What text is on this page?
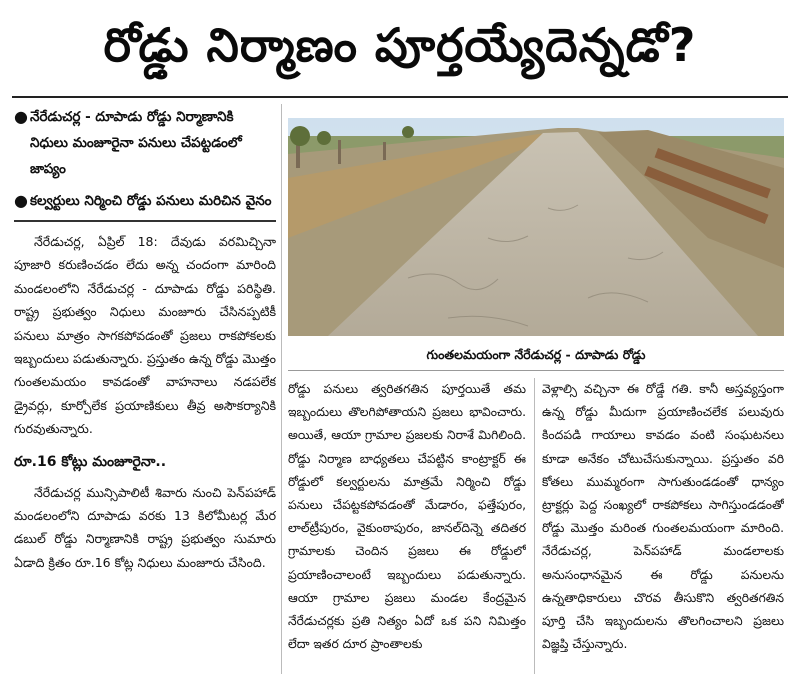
రోడ్డు నిర్మాణం పూర్తయ్యేదెన్నడో?
● నేరేడుచర్ల - దూపాడు రోడ్డు నిర్మాణానికి నిధులు మంజూరైనా పనులు చేపట్టడంలో జాప్యం
● కల్వర్టులు నిర్మించి రోడ్డు పనులు మరిచిన వైనం

నేరేడుచర్ల, ఏప్రిల్ 18: దేవుడు వరమిచ్చినా పూజారి కరుణించడం లేదు అన్న చందంగా మారింది మండలంలోని నేరేడుచర్ల - దూపాడు రోడ్డు పరిస్థితి. రాష్ట్ర ప్రభుత్వం నిధులు మంజూరు చేసినప్పటికీ పనులు మాత్రం సాగకపోవడంతో ప్రజలు రాకపోకలకు ఇబ్బందులు పడుతున్నారు. ప్రస్తుతం ఉన్న రోడ్డు మొత్తం గుంతలమయం కావడంతో వాహనాలు నడపలేక డ్రైవర్లు, కూర్చోలేక ప్రయాణికులు తీవ్ర అసౌకర్యానికి గురవుతున్నారు.

రూ.16 కోట్లు మంజూరైనా..

నేరేడుచర్ల మున్సిపాలిటీ శివారు నుంచి పెన్‌పహాడ్ మండలంలోని దూపాడు వరకు 13 కిలోమీటర్ల మేర డబుల్ రోడ్డు నిర్మాణానికి రాష్ట్ర ప్రభుత్వం సుమారు ఏడాది క్రితం రూ.16 కోట్ల నిధులు మంజూరు చేసింది.

గుంతలమయంగా నేరేడుచర్ల - దూపాడు రోడ్డు

రోడ్డు పనులు త్వరితగతిన పూర్తయితే తమ ఇబ్బందులు తొలగిపోతాయని ప్రజలు భావించారు. అయితే, ఆయా గ్రామాల ప్రజలకు నిరాశే మిగిలింది. రోడ్డు నిర్మాణ బాధ్యతలు చేపట్టిన కాంట్రాక్టర్ ఈ రోడ్డులో కల్వర్టులను మాత్రమే నిర్మించి రోడ్డు పనులు చేపట్టకపోవడంతో మేడారం, ఫత్తేపురం, లాల్‌ట్రీపురం, వైకుంఠాపురం, జానల్‌దిన్నె తదితర గ్రామాలకు చెందిన ప్రజలు ఈ రోడ్డులో ప్రయాణించాలంటే ఇబ్బందులు పడుతున్నారు. ఆయా గ్రామాల ప్రజలు మండల కేంద్రమైన నేరేడుచర్లకు ప్రతి నిత్యం ఏదో ఒక పని నిమిత్తం లేదా ఇతర దూర ప్రాంతాలకు

వెళ్లాల్సి వచ్చినా ఈ రోడ్డే గతి. కానీ అస్తవ్యస్తంగా ఉన్న రోడ్డు మీదుగా ప్రయాణించలేక పలువురు కిందపడి గాయాలు కావడం వంటి సంఘటనలు కూడా అనేకం చోటుచేసుకున్నాయి. ప్రస్తుతం వరి కోతలు ముమ్మరంగా సాగుతుండడంతో ధాన్యం ట్రాక్టర్లు పెద్ద సంఖ్యలో రాకపోకలు సాగిస్తుండడంతో రోడ్డు మొత్తం మరింత గుంతలమయంగా మారింది. నేరేడుచర్ల, పెన్‌పహాడ్ మండలాలకు అనుసంధానమైన ఈ రోడ్డు పనులను ఉన్నతాధికారులు చొరవ తీసుకొని త్వరితగతిన పూర్తి చేసి ఇబ్బందులను తొలగించాలని ప్రజలు విజ్ఞప్తి చేస్తున్నారు.
